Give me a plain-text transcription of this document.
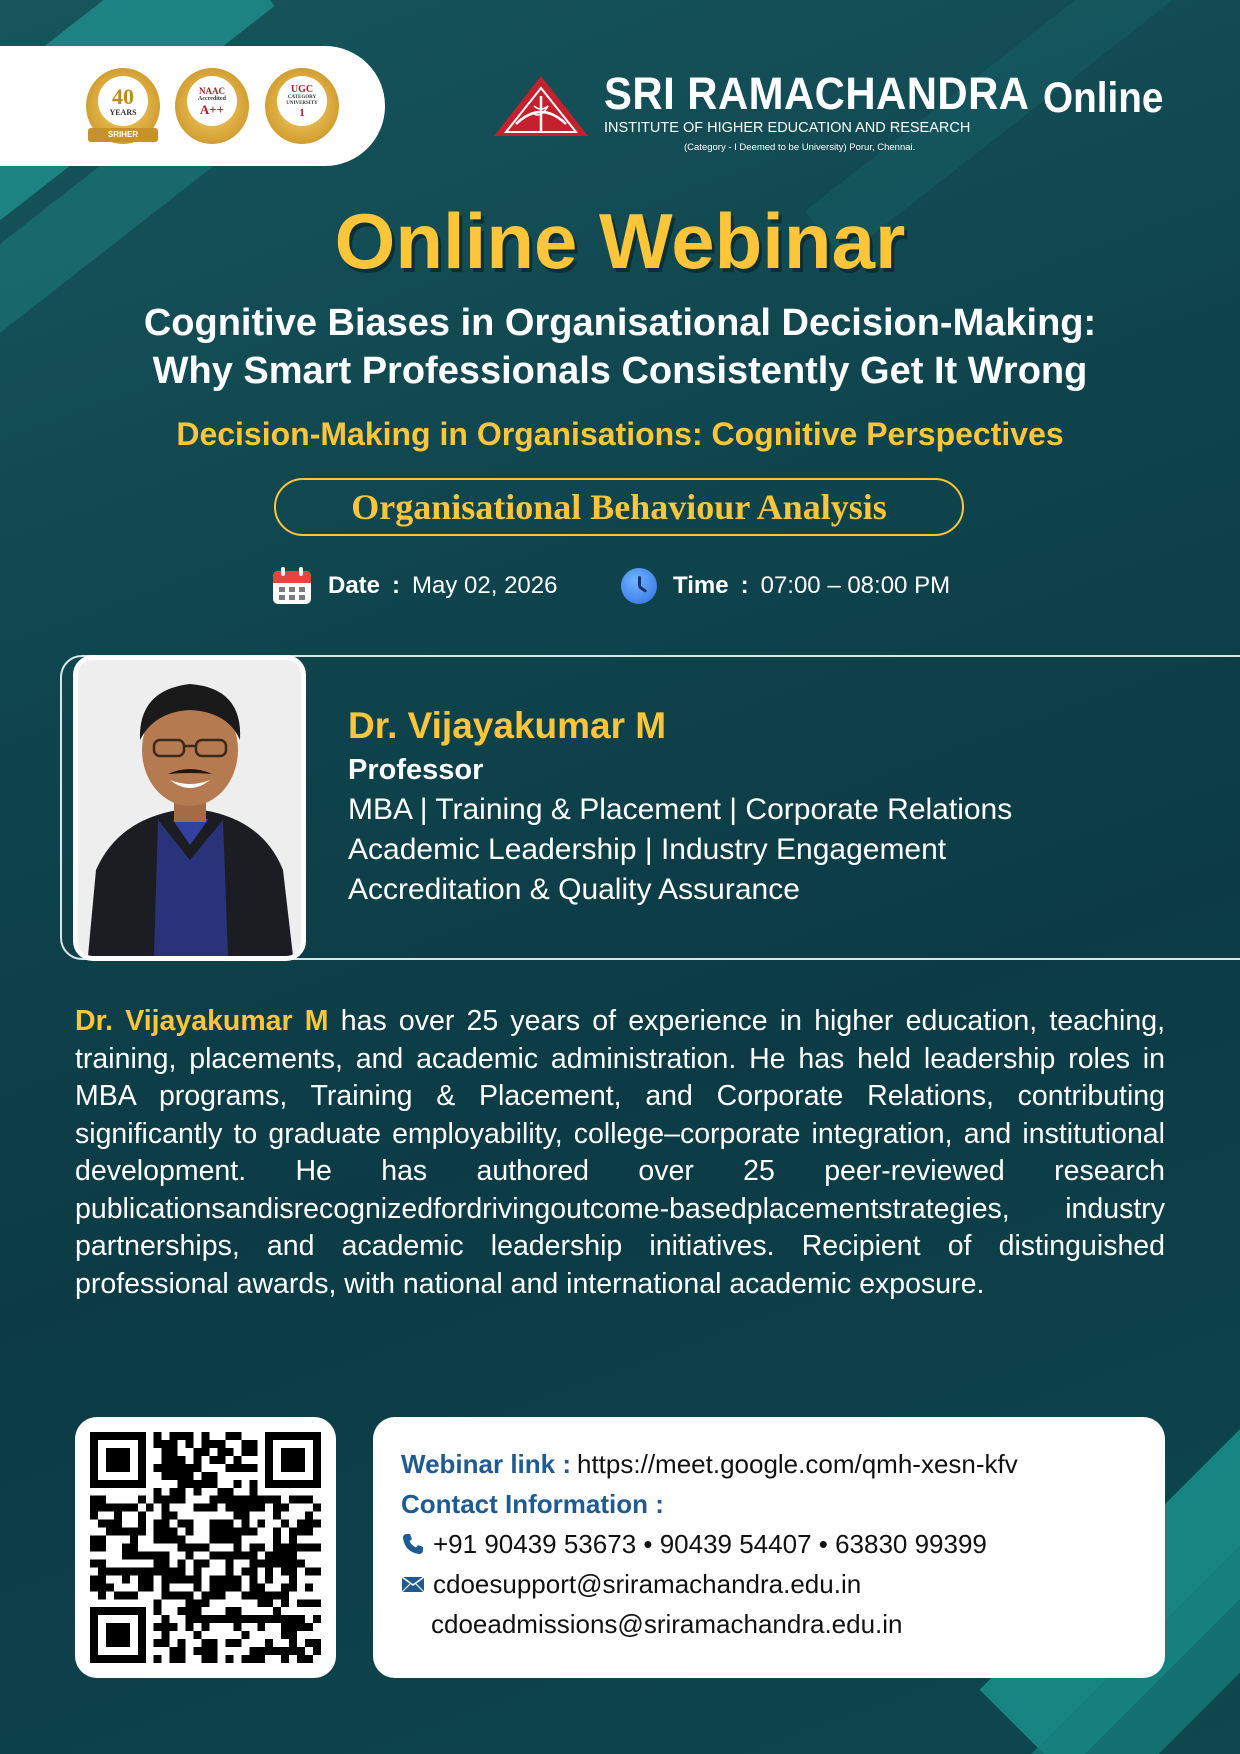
40
YEARS
SRIHER
NAAC
Accredited
A++
UGC
CATEGORY UNIVERSITY
1	SRI RAMACHANDRA
INSTITUTE OF HIGHER EDUCATION AND RESEARCH
(Category - I Deemed to be University) Porur, Chennai.
Online
Online Webinar
Cognitive Biases in Organisational Decision-Making:
Why Smart Professionals Consistently Get It Wrong
Decision-Making in Organisations: Cognitive Perspectives
Organisational Behaviour Analysis
Date : May 02, 2026	Time : 07:00 – 08:00 PM
Dr. Vijayakumar M
Professor
MBA | Training & Placement | Corporate Relations
Academic Leadership | Industry Engagement
Accreditation & Quality Assurance
Dr. Vijayakumar M has over 25 years of experience in higher education, teaching, training, placements, and academic administration. He has held leadership roles in MBA programs, Training & Placement, and Corporate Relations, contributing significantly to graduate employability, college–corporate integration, and institutional development. He has authored over 25 peer-reviewed research publicationsandisrecognizedfordrivingoutcome-basedplacementstrategies, industry partnerships, and academic leadership initiatives. Recipient of distinguished professional awards, with national and international academic exposure.
Webinar link : https://meet.google.com/qmh-xesn-kfv
Contact Information :
+91 90439 53673 • 90439 54407 • 63830 99399
cdoesupport@sriramachandra.edu.in
cdoeadmissions@sriramachandra.edu.in
